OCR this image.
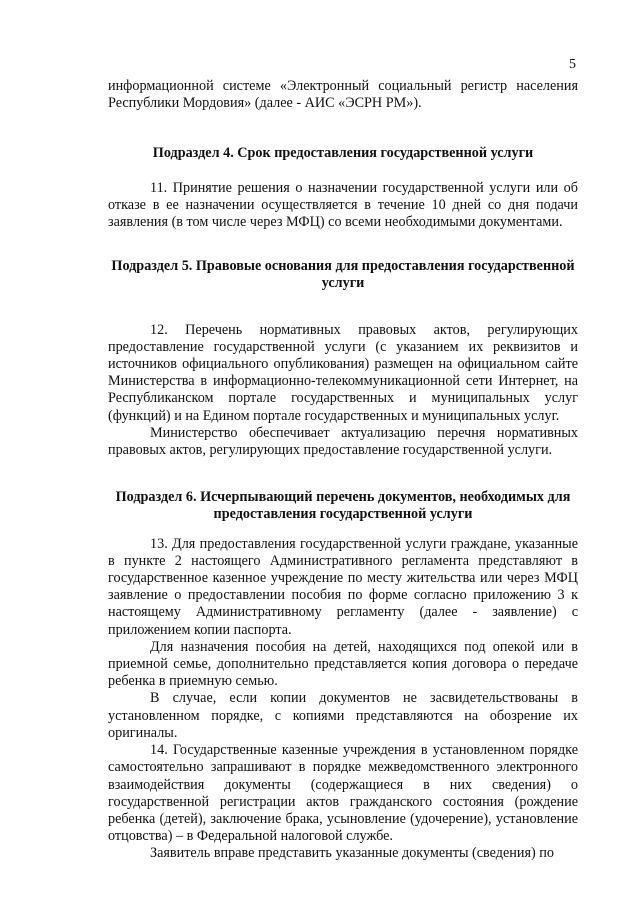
5

информационной системе «Электронный социальный регистр населения Республики Мордовия» (далее - АИС «ЭСРН РМ»).

Подраздел 4. Срок предоставления государственной услуги

11. Принятие решения о назначении государственной услуги или об отказе в ее назначении осуществляется в течение 10 дней со дня подачи заявления (в том числе через МФЦ) со всеми необходимыми документами.

Подраздел 5. Правовые основания для предоставления государственной услуги

12. Перечень нормативных правовых актов, регулирующих предоставление государственной услуги (с указанием их реквизитов и источников официального опубликования) размещен на официальном сайте Министерства в информационно-телекоммуникационной сети Интернет, на Республиканском портале государственных и муниципальных услуг (функций) и на Едином портале государственных и муниципальных услуг.

Министерство обеспечивает актуализацию перечня нормативных правовых актов, регулирующих предоставление государственной услуги.

Подраздел 6. Исчерпывающий перечень документов, необходимых для предоставления государственной услуги

13. Для предоставления государственной услуги граждане, указанные в пункте 2 настоящего Административного регламента представляют в государственное казенное учреждение по месту жительства или через МФЦ заявление о предоставлении пособия по форме согласно приложению 3 к настоящему Административному регламенту (далее - заявление) с приложением копии паспорта.

Для назначения пособия на детей, находящихся под опекой или в приемной семье, дополнительно представляется копия договора о передаче ребенка в приемную семью.

В случае, если копии документов не засвидетельствованы в установленном порядке, с копиями представляются на обозрение их оригиналы.

14. Государственные казенные учреждения в установленном порядке самостоятельно запрашивают в порядке межведомственного электронного взаимодействия документы (содержащиеся в них сведения) о государственной регистрации актов гражданского состояния (рождение ребенка (детей), заключение брака, усыновление (удочерение), установление отцовства) – в Федеральной налоговой службе.

Заявитель вправе представить указанные документы (сведения) по
